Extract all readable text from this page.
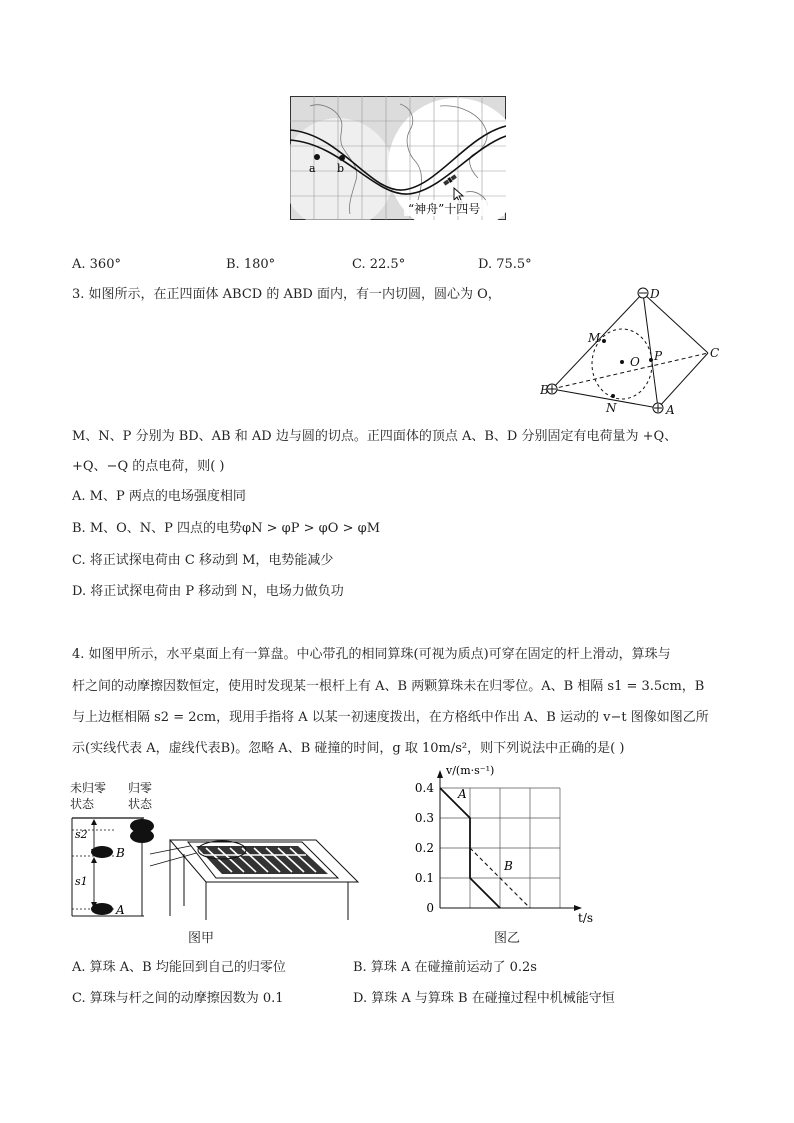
a b
“神舟”十四号
A. 360°	B. 180°	C. 22.5°	D. 75.5°
3. 如图所示，在正四面体 ABCD 的 ABD 面内，有一内切圆，圆心为 O，	D
C
M
O P
B
N	A
M、N、P 分别为 BD、AB 和 AD 边与圆的切点。正四面体的顶点 A、B、D 分别固定有电荷量为 +Q、
+Q、−Q 的点电荷，则( )
A. M、P 两点的电场强度相同
B. M、O、N、P 四点的电势φN > φP > φO > φM
C. 将正试探电荷由 C 移动到 M，电势能减少
D. 将正试探电荷由 P 移动到 N，电场力做负功
4. 如图甲所示，水平桌面上有一算盘。中心带孔的相同算珠(可视为质点)可穿在固定的杆上滑动，算珠与
杆之间的动摩擦因数恒定，使用时发现某一根杆上有 A、B 两颗算珠未在归零位。A、B 相隔 s1 = 3.5cm，B
与上边框相隔 s2 = 2cm，现用手指将 A 以某一初速度拨出，在方格纸中作出 A、B 运动的 v−t 图像如图乙所
示(实线代表 A，虚线代表B)。忽略 A、B 碰撞的时间，g 取 10m/s²，则下列说法中正确的是( )
未归零
状态
归零
状态
s2
s1
B
A
图甲
0
0.1
0.2
0.3
0.4
v/(m·s⁻¹)
t/s
A
B
图乙
A. 算珠 A、B 均能回到自己的归零位	B. 算珠 A 在碰撞前运动了 0.2s
C. 算珠与杆之间的动摩擦因数为 0.1	D. 算珠 A 与算珠 B 在碰撞过程中机械能守恒
